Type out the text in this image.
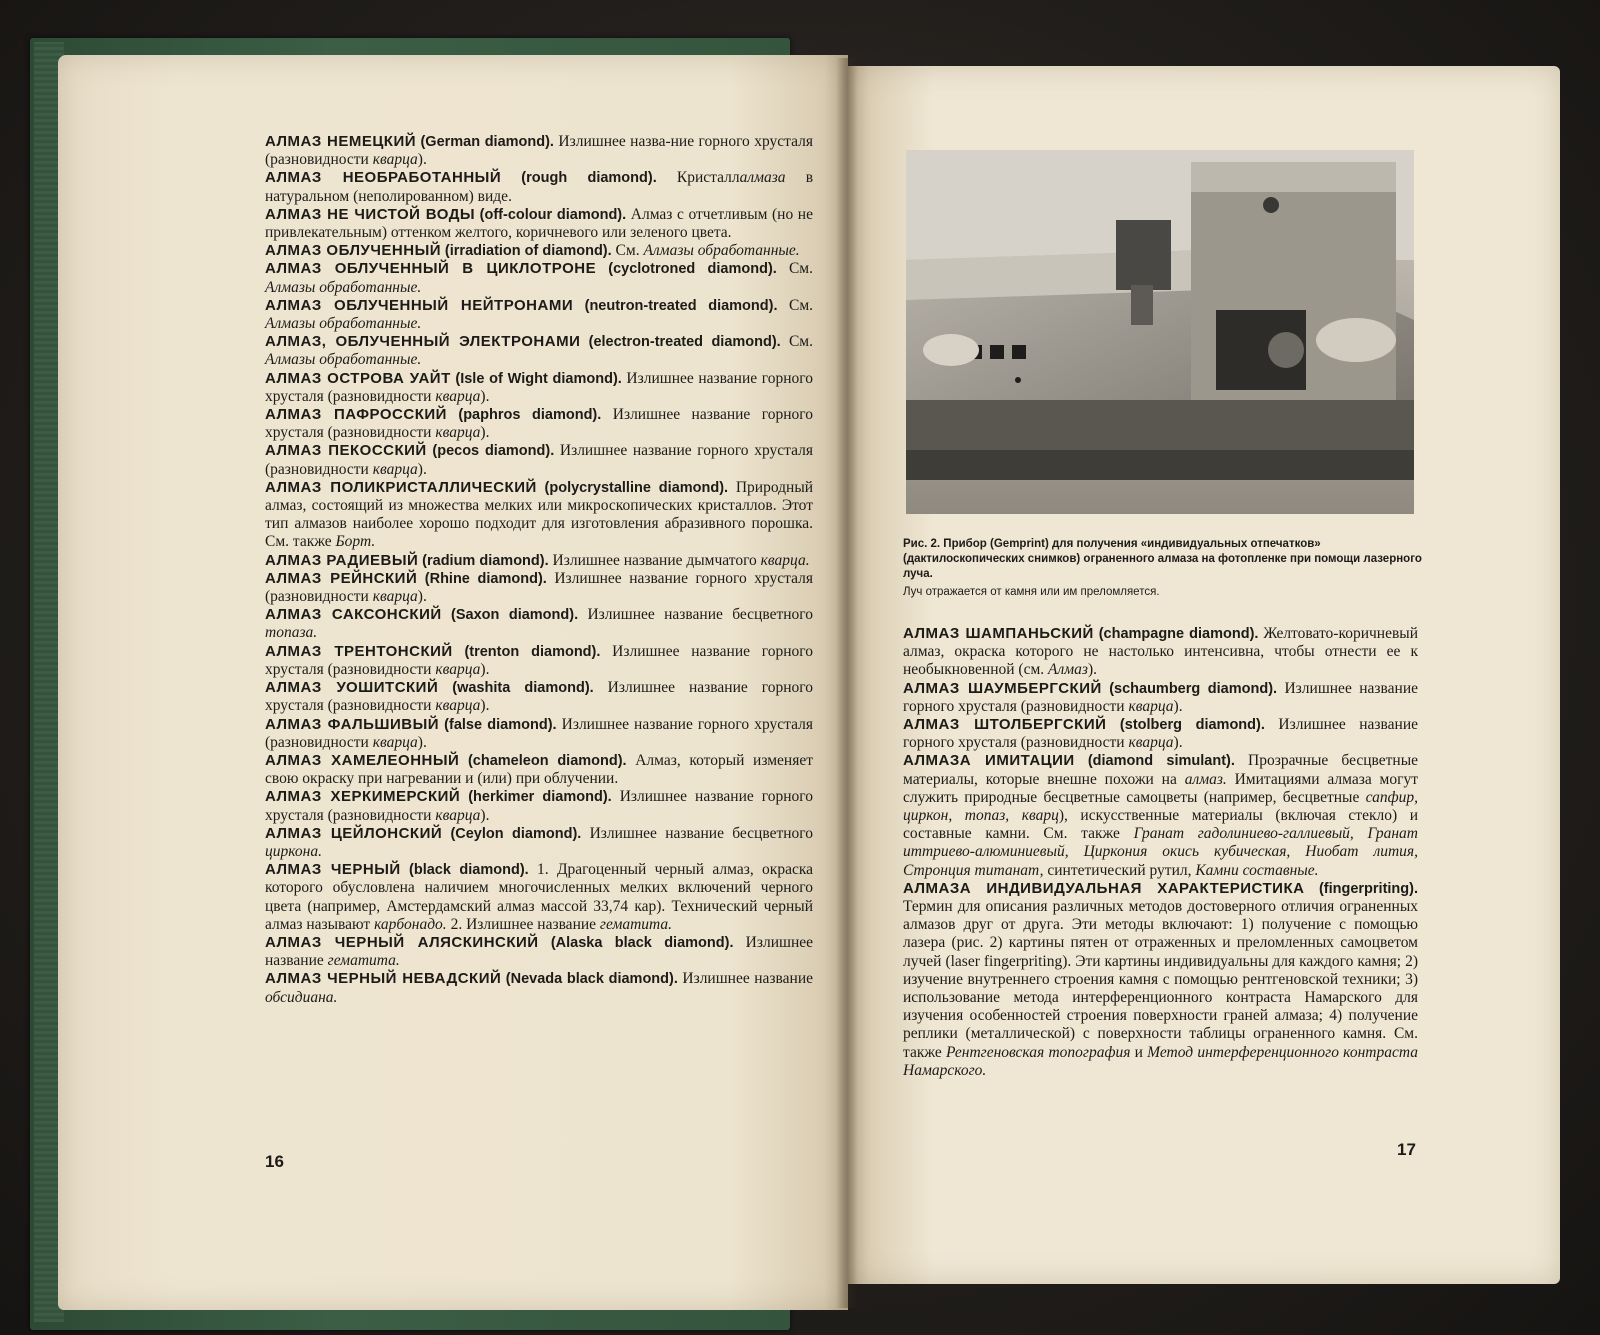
АЛМАЗ НЕМЕЦКИЙ (German diamond). Излишнее назва-ние горного хрусталя (разновидности кварца).
АЛМАЗ НЕОБРАБОТАННЫЙ (rough diamond). Кристаллалмаза в натуральном (неполированном) виде.
АЛМАЗ НЕ ЧИСТОЙ ВОДЫ (off-colour diamond). Алмаз с отчетливым (но не привлекательным) оттенком желтого, коричневого или зеленого цвета.
АЛМАЗ ОБЛУЧЕННЫЙ (irradiation of diamond). См. Алмазы обработанные.
АЛМАЗ ОБЛУЧЕННЫЙ В ЦИКЛОТРОНЕ (cyclotroned diamond). См. Алмазы обработанные.
АЛМАЗ ОБЛУЧЕННЫЙ НЕЙТРОНАМИ (neutron-treated diamond). См. Алмазы обработанные.
АЛМАЗ, ОБЛУЧЕННЫЙ ЭЛЕКТРОНАМИ (electron-treated diamond). См. Алмазы обработанные.
АЛМАЗ ОСТРОВА УАЙТ (Isle of Wight diamond). Излишнее название горного хрусталя (разновидности кварца).
АЛМАЗ ПАФРОССКИЙ (paphros diamond). Излишнее название горного хрусталя (разновидности кварца).
АЛМАЗ ПЕКОССКИЙ (pecos diamond). Излишнее название горного хрусталя (разновидности кварца).
АЛМАЗ ПОЛИКРИСТАЛЛИЧЕСКИЙ (polycrystalline diamond). Природный алмаз, состоящий из множества мелких или микроскопических кристаллов. Этот тип алмазов наиболее хорошо подходит для изготовления абразивного порошка. См. также Борт.
АЛМАЗ РАДИЕВЫЙ (radium diamond). Излишнее название дымчатого кварца.
АЛМАЗ РЕЙНСКИЙ (Rhine diamond). Излишнее название горного хрусталя (разновидности кварца).
АЛМАЗ САКСОНСКИЙ (Saxon diamond). Излишнее название бесцветного топаза.
АЛМАЗ ТРЕНТОНСКИЙ (trenton diamond). Излишнее название горного хрусталя (разновидности кварца).
АЛМАЗ УОШИТСКИЙ (washita diamond). Излишнее название горного хрусталя (разновидности кварца).
АЛМАЗ ФАЛЬШИВЫЙ (false diamond). Излишнее название горного хрусталя (разновидности кварца).
АЛМАЗ ХАМЕЛЕОННЫЙ (chameleon diamond). Алмаз, который изменяет свою окраску при нагревании и (или) при облучении.
АЛМАЗ ХЕРКИМЕРСКИЙ (herkimer diamond). Излишнее название горного хрусталя (разновидности кварца).
АЛМАЗ ЦЕЙЛОНСКИЙ (Ceylon diamond). Излишнее название бесцветного циркона.
АЛМАЗ ЧЕРНЫЙ (black diamond). 1. Драгоценный черный алмаз, окраска которого обусловлена наличием многочисленных мелких включений черного цвета (например, Амстердамский алмаз массой 33,74 кар). Технический черный алмаз называют карбонадо. 2. Излишнее название гематита.
АЛМАЗ ЧЕРНЫЙ АЛЯСКИНСКИЙ (Alaska black diamond). Излишнее название гематита.
АЛМАЗ ЧЕРНЫЙ НЕВАДСКИЙ (Nevada black diamond). Излишнее название обсидиана.
16
Рис. 2. Прибор (Gemprint) для получения «индивидуальных отпечатков» (дактилоскопических снимков) ограненного алмаза на фотопленке при помощи лазерного луча.
Луч отражается от камня или им преломляется.
АЛМАЗ ШАМПАНЬСКИЙ (champagne diamond). Желтовато-коричневый алмаз, окраска которого не настолько интенсивна, чтобы отнести ее к необыкновенной (см. Алмаз).
АЛМАЗ ШАУМБЕРГСКИЙ (schaumberg diamond). Излишнее название горного хрусталя (разновидности кварца).
АЛМАЗ ШТОЛБЕРГСКИЙ (stolberg diamond). Излишнее название горного хрусталя (разновидности кварца).
АЛМАЗА ИМИТАЦИИ (diamond simulant). Прозрачные бесцветные материалы, которые внешне похожи на алмаз. Имитациями алмаза могут служить природные бесцветные самоцветы (например, бесцветные сапфир, циркон, топаз, кварц), искусственные материалы (включая стекло) и составные камни. См. также Гранат гадолиниево-галлиевый, Гранат иттриево-алюминиевый, Циркония окись кубическая, Ниобат лития, Стронция титанат, синтетический рутил, Камни составные.
АЛМАЗА ИНДИВИДУАЛЬНАЯ ХАРАКТЕРИСТИКА (fingerpriting). Термин для описания различных методов достоверного отличия ограненных алмазов друг от друга. Эти методы включают: 1) получение с помощью лазера (рис. 2) картины пятен от отраженных и преломленных самоцветом лучей (laser fingerpriting). Эти картины индивидуальны для каждого камня; 2) изучение внутреннего строения камня с помощью рентгеновской техники; 3) использование метода интерференционного контраста Намарского для изучения особенностей строения поверхности граней алмаза; 4) получение реплики (металлической) с поверхности таблицы ограненного камня. См. также Рентгеновская топография и Метод интерференционного контраста Намарского.
17
